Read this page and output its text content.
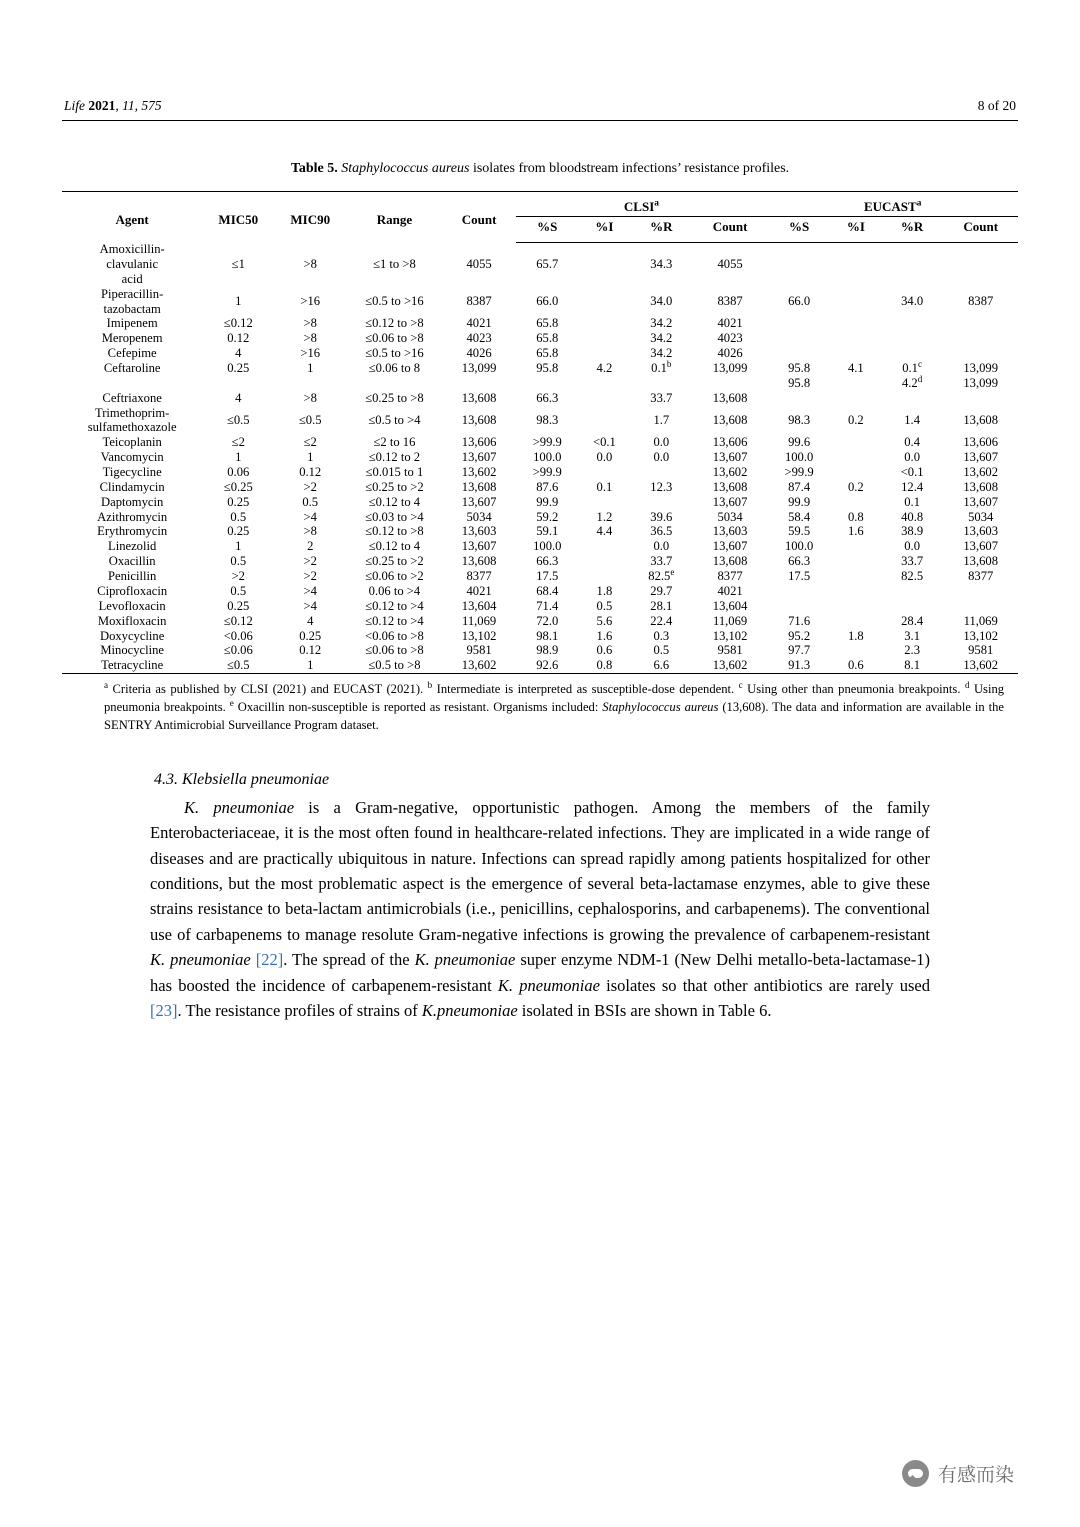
Life 2021, 11, 575	8 of 20
Table 5. Staphylococcus aureus isolates from bloodstream infections’ resistance profiles.
Agent	MIC50	MIC90	Range	Count	CLSI$^a$				EUCAST$^a$
					%S	%I	%R	Count	%S	%I	%R	Count
Amoxicillin-
clavulanic
acid	≤1	>8	≤1 to >8	4055	65.7		34.3	4055				
Piperacillin-
tazobactam	1	>16	≤0.5 to >16	8387	66.0		34.0	8387	66.0		34.0	8387
Imipenem	≤0.12	>8	≤0.12 to >8	4021	65.8		34.2	4021				
Meropenem	0.12	>8	≤0.06 to >8	4023	65.8		34.2	4023				
Cefepime	4	>16	≤0.5 to >16	4026	65.8		34.2	4026				
Ceftaroline	0.25	1	≤0.06 to 8	13,099	95.8	4.2	0.1$^b$	13,099	95.8	4.1	0.1$^c$	13,099
									95.8		4.2$^d$	13,099
Ceftriaxone	4	>8	≤0.25 to >8	13,608	66.3		33.7	13,608				
Trimethoprim-
sulfamethoxazole	≤0.5	≤0.5	≤0.5 to >4	13,608	98.3		1.7	13,608	98.3	0.2	1.4	13,608
Teicoplanin	≤2	≤2	≤2 to 16	13,606	>99.9	<0.1	0.0	13,606	99.6		0.4	13,606
Vancomycin	1	1	≤0.12 to 2	13,607	100.0	0.0	0.0	13,607	100.0		0.0	13,607
Tigecycline	0.06	0.12	≤0.015 to 1	13,602	>99.9			13,602	>99.9		<0.1	13,602
Clindamycin	≤0.25	>2	≤0.25 to >2	13,608	87.6	0.1	12.3	13,608	87.4	0.2	12.4	13,608
Daptomycin	0.25	0.5	≤0.12 to 4	13,607	99.9			13,607	99.9		0.1	13,607
Azithromycin	0.5	>4	≤0.03 to >4	5034	59.2	1.2	39.6	5034	58.4	0.8	40.8	5034
Erythromycin	0.25	>8	≤0.12 to >8	13,603	59.1	4.4	36.5	13,603	59.5	1.6	38.9	13,603
Linezolid	1	2	≤0.12 to 4	13,607	100.0		0.0	13,607	100.0		0.0	13,607
Oxacillin	0.5	>2	≤0.25 to >2	13,608	66.3		33.7	13,608	66.3		33.7	13,608
Penicillin	>2	>2	≤0.06 to >2	8377	17.5		82.5e	8377	17.5		82.5	8377
Ciprofloxacin	0.5	>4	0.06 to >4	4021	68.4	1.8	29.7	4021				
Levofloxacin	0.25	>4	≤0.12 to >4	13,604	71.4	0.5	28.1	13,604				
Moxifloxacin	≤0.12	4	≤0.12 to >4	11,069	72.0	5.6	22.4	11,069	71.6		28.4	11,069
Doxycycline	<0.06	0.25	<0.06 to >8	13,102	98.1	1.6	0.3	13,102	95.2	1.8	3.1	13,102
Minocycline	≤0.06	0.12	≤0.06 to >8	9581	98.9	0.6	0.5	9581	97.7		2.3	9581
Tetracycline	≤0.5	1	≤0.5 to >8	13,602	92.6	0.8	6.6	13,602	91.3	0.6	8.1	13,602
$^a$ Criteria as published by CLSI (2021) and EUCAST (2021). $^b$ Intermediate is interpreted as susceptible-dose dependent. $^c$ Using other than pneumonia breakpoints. $^d$ Using pneumonia breakpoints. $^e$ Oxacillin non-susceptible is reported as resistant. Organisms included: Staphylococcus aureus (13,608). The data and information are available in the SENTRY Antimicrobial Surveillance Program dataset.
4.3. Klebsiella pneumoniae
K. pneumoniae is a Gram-negative, opportunistic pathogen. Among the members of the family Enterobacteriaceae, it is the most often found in healthcare-related infections. They are implicated in a wide range of diseases and are practically ubiquitous in nature. Infections can spread rapidly among patients hospitalized for other conditions, but the most problematic aspect is the emergence of several beta-lactamase enzymes, able to give these strains resistance to beta-lactam antimicrobials (i.e., penicillins, cephalosporins, and carbapenems). The conventional use of carbapenems to manage resolute Gram-negative infections is growing the prevalence of carbapenem-resistant K. pneumoniae [22]. The spread of the K. pneumoniae super enzyme NDM-1 (New Delhi metallo-beta-lactamase-1) has boosted the incidence of carbapenem-resistant K. pneumoniae isolates so that other antibiotics are rarely used [23]. The resistance profiles of strains of K.pneumoniae isolated in BSIs are shown in Table 6.
有感而染
